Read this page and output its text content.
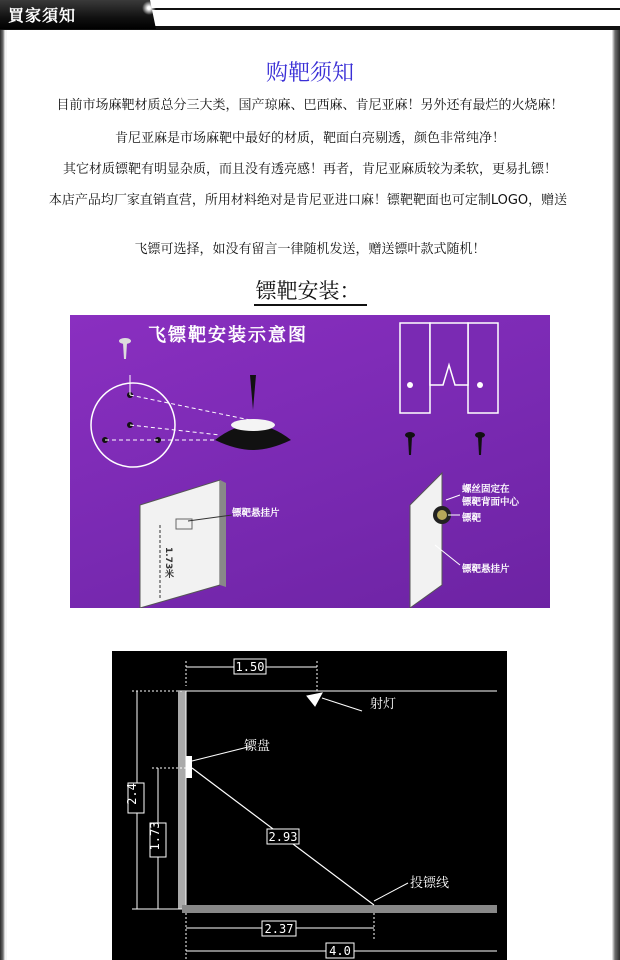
買家須知
购靶须知
目前市场麻靶材质总分三大类，国产琼麻、巴西麻、肯尼亚麻！另外还有最烂的火烧麻！
肯尼亚麻是市场麻靶中最好的材质，靶面白亮剔透，颜色非常纯净！
其它材质镖靶有明显杂质，而且没有透亮感！再者，肯尼亚麻质较为柔软，更易扎镖！
本店产品均厂家直销直营，所用材料绝对是肯尼亚进口麻！镖靶靶面也可定制LOGO，赠送
飞镖可选择，如没有留言一律随机发送，赠送镖叶款式随机！
镖靶安装：
飞镖靶安装示意图
镖靶悬挂片
1.73米
螺丝固定在
镖靶背面中心
镖靶
镖靶悬挂片
1.50
射灯
镖盘
2.4
1.73	2.93
投镖线
2.37
4.0
